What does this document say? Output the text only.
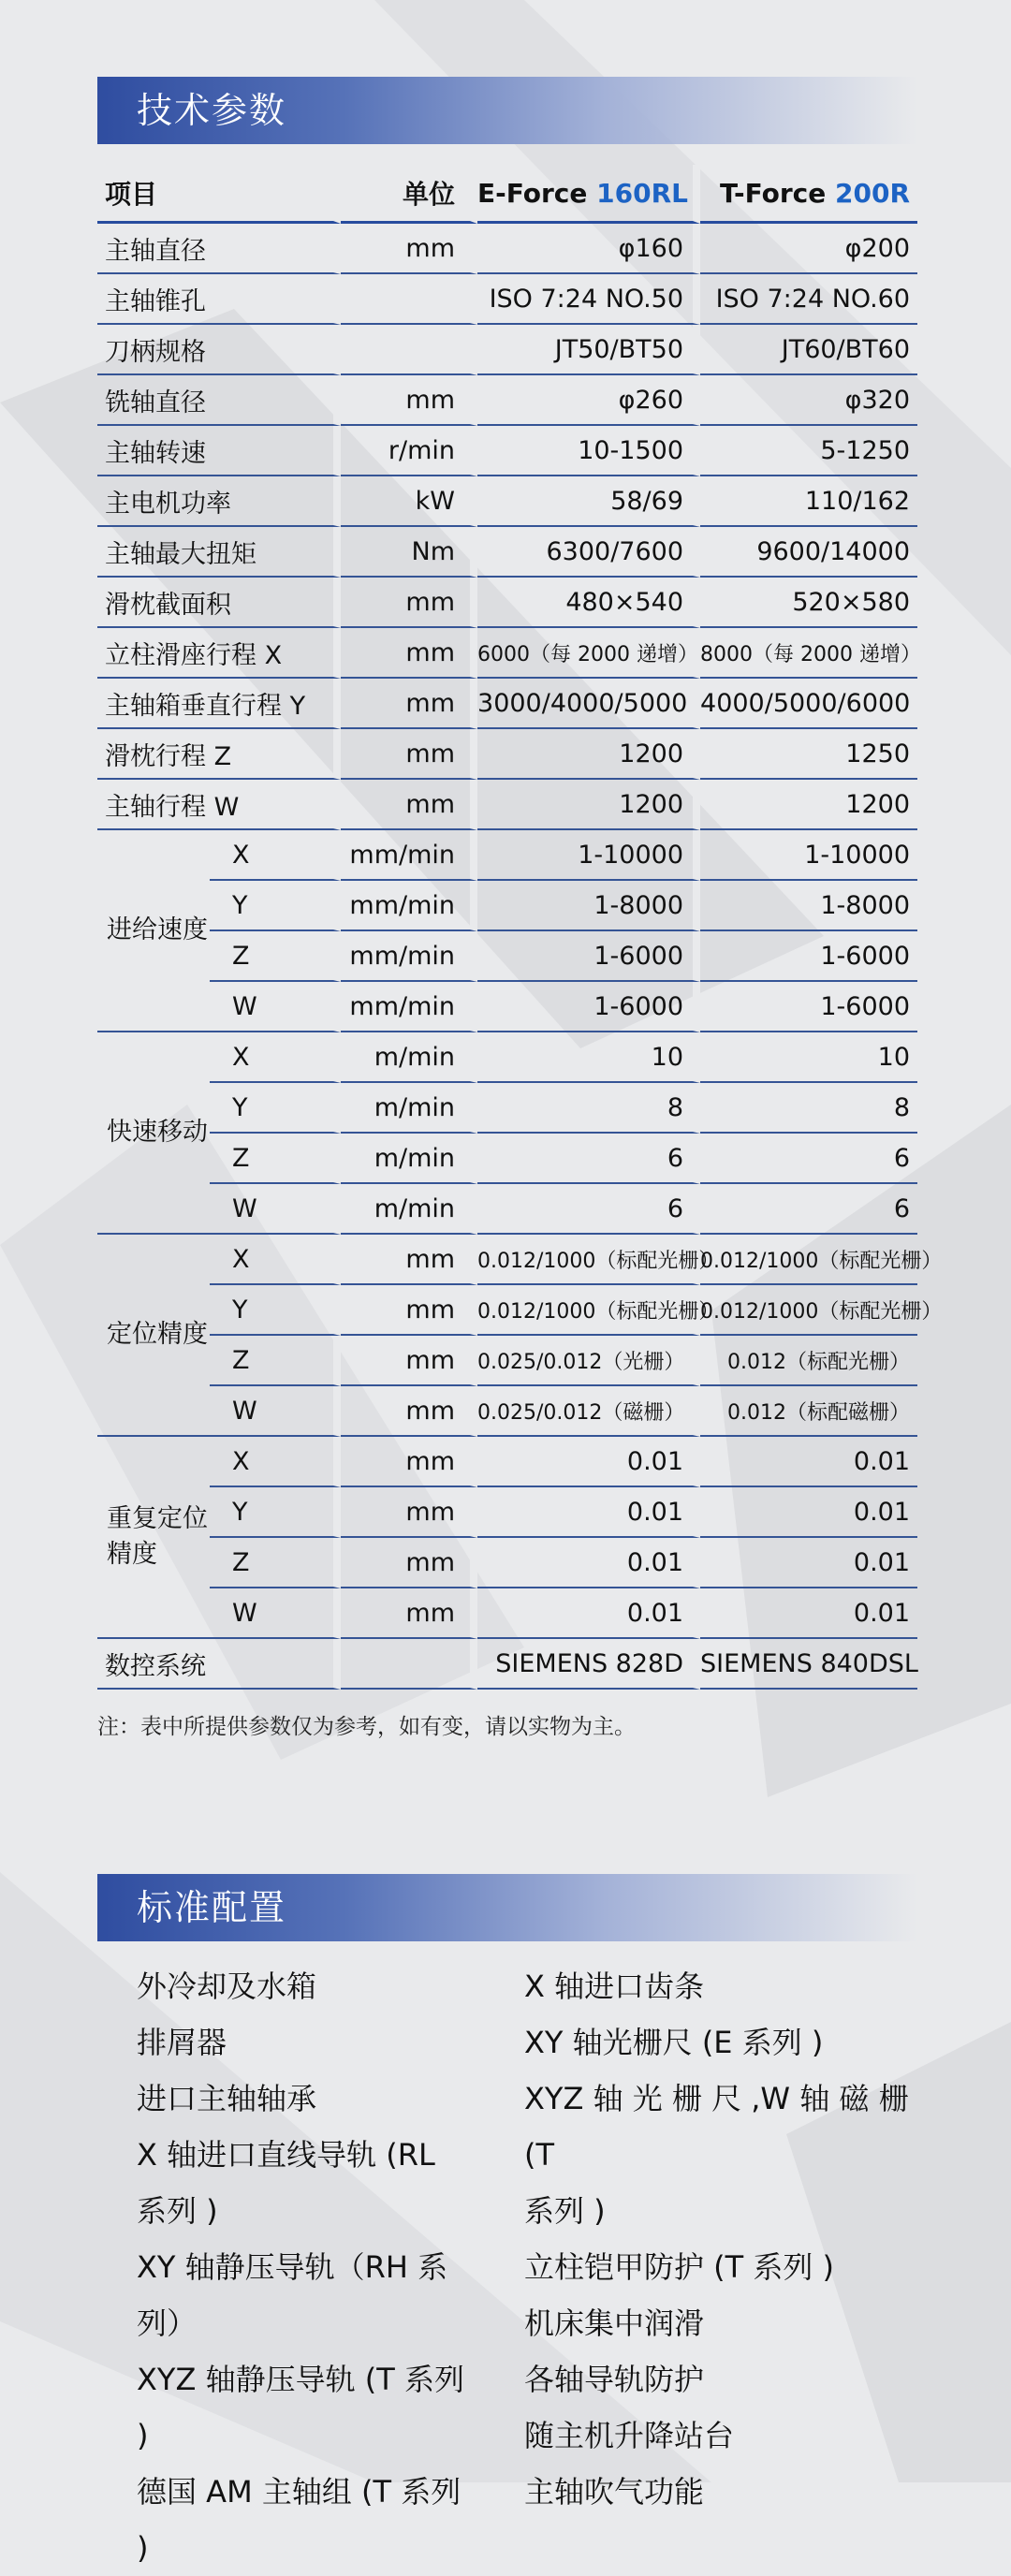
技术参数
项目		单位	E-Force 160RL	T-Force 200R
主轴直径		mm	φ160	φ200
主轴锥孔			ISO 7:24 NO.50	ISO 7:24 NO.60
刀柄规格			JT50/BT50	JT60/BT60
铣轴直径		mm	φ260	φ320
主轴转速		r/min	10-1500	5-1250
主电机功率		kW	58/69	110/162
主轴最大扭矩		Nm	6300/7600	9600/14000
滑枕截面积		mm	480×540	520×580
立柱滑座行程 X		mm	6000（每 2000 递增）	8000（每 2000 递增）
主轴箱垂直行程 Y		mm	3000/4000/5000	4000/5000/6000
滑枕行程 Z		mm	1200	1250
主轴行程 W		mm	1200	1200
进给速度	X	mm/min	1-10000	1-10000
	Y	mm/min	1-8000	1-8000
	Z	mm/min	1-6000	1-6000
	W	mm/min	1-6000	1-6000
快速移动	X	m/min	10	10
	Y	m/min	8	8
	Z	m/min	6	6
	W	m/min	6	6
定位精度	X	mm	0.012/1000（标配光栅）	0.012/1000（标配光栅）
	Y	mm	0.012/1000（标配光栅）	0.012/1000（标配光栅）
	Z	mm	0.025/0.012（光栅）	0.012（标配光栅）
	W	mm	0.025/0.012（磁栅）	0.012（标配磁栅）
重复定位精度	X	mm	0.01	0.01
	Y	mm	0.01	0.01
	Z	mm	0.01	0.01
	W	mm	0.01	0.01
数控系统			SIEMENS 828D	SIEMENS 840DSL
注：表中所提供参数仅为参考，如有变，请以实物为主。
标准配置
外冷却及水箱
排屑器
进口主轴轴承
X 轴进口直线导轨 (RL
系列 )
XY 轴静压导轨（RH 系
列）
XYZ 轴静压导轨 (T 系列 )
德国 AM 主轴组 (T 系列 )
X 轴进口齿条
XY 轴光栅尺 (E 系列 )
XYZ 轴 光 栅 尺 ,W 轴 磁 栅 (T
系列 )
立柱铠甲防护 (T 系列 )
机床集中润滑
各轴导轨防护
随主机升降站台
主轴吹气功能
